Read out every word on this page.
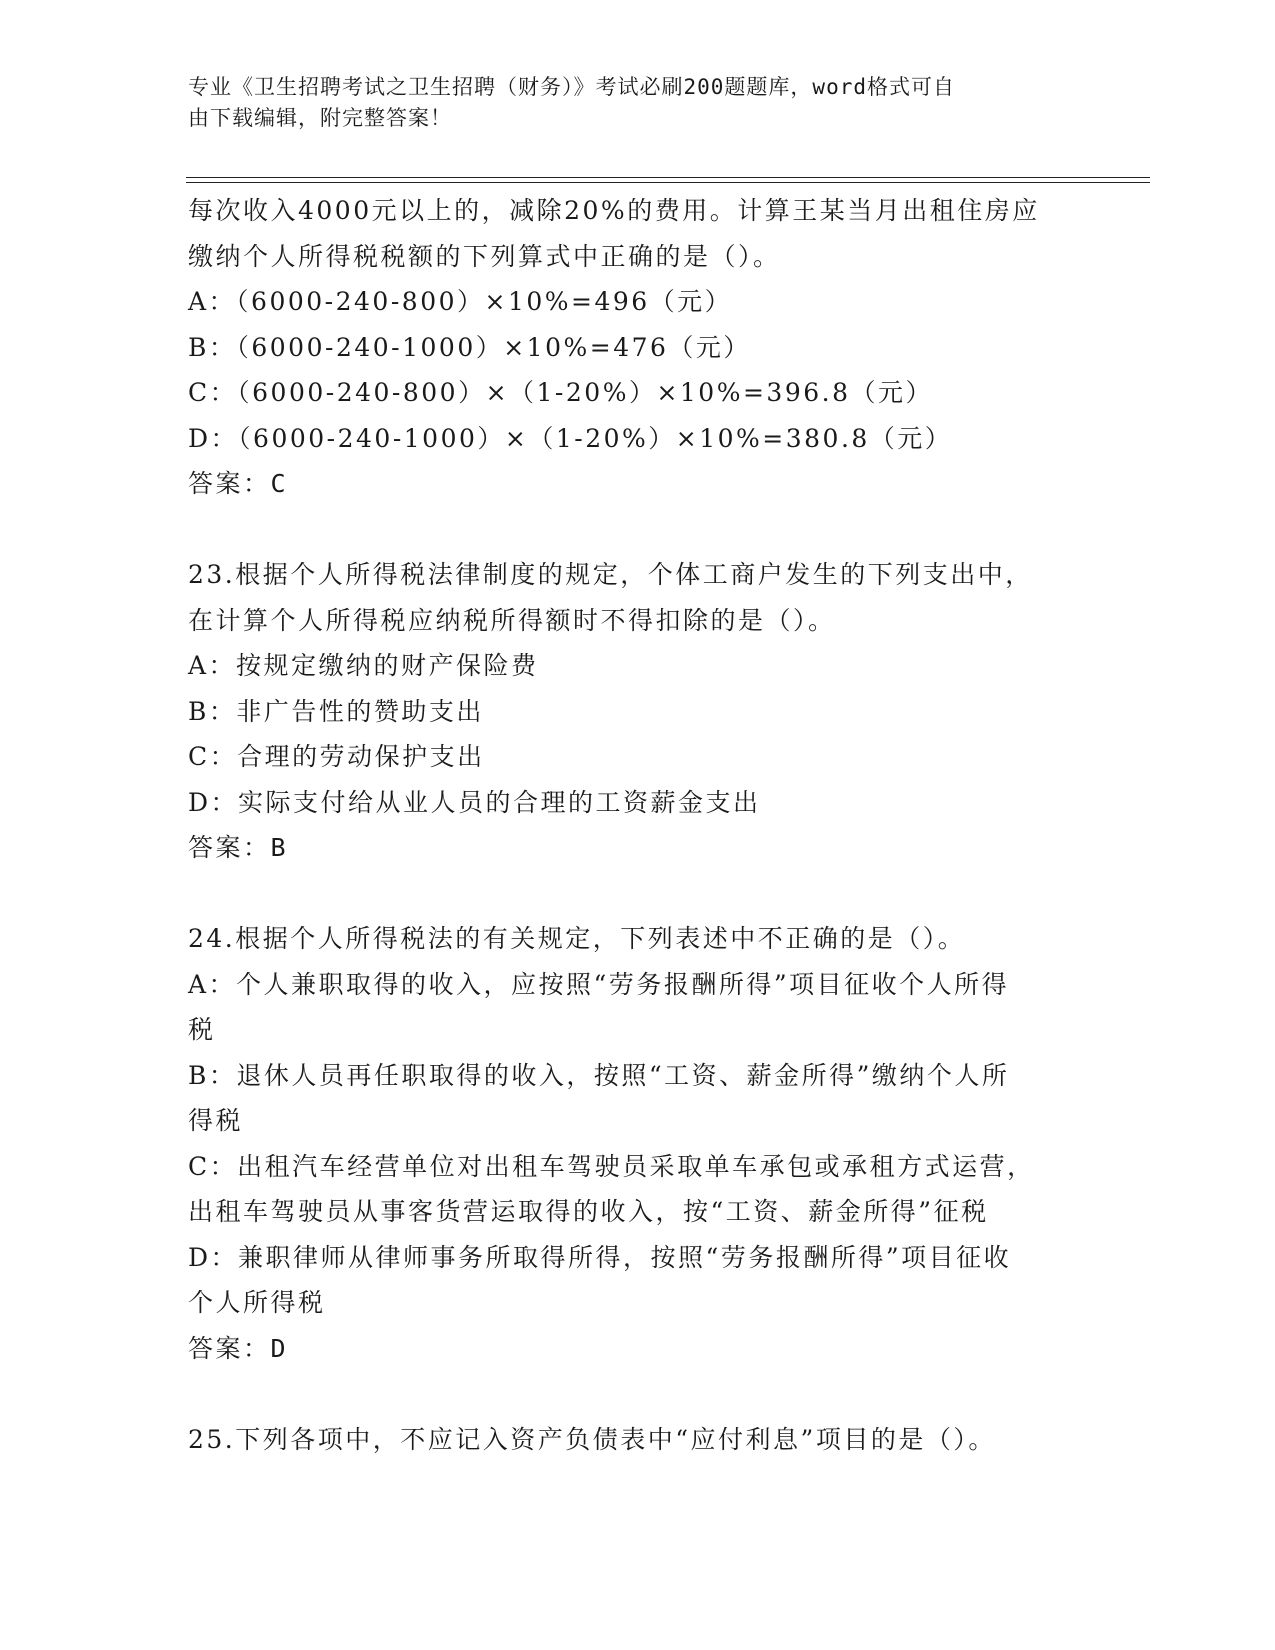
专业《卫生招聘考试之卫生招聘（财务）》考试必刷200题题库，word格式可自
由下载编辑，附完整答案！
每次收入4000元以上的，减除20%的费用。计算王某当月出租住房应
缴纳个人所得税税额的下列算式中正确的是（）。
A：（6000-240-800）×10%=496（元）
B：（6000-240-1000）×10%=476（元）
C：（6000-240-800）×（1-20%）×10%=396.8（元）
D：（6000-240-1000）×（1-20%）×10%=380.8（元）
答案：C
23.根据个人所得税法律制度的规定，个体工商户发生的下列支出中，
在计算个人所得税应纳税所得额时不得扣除的是（）。
A：按规定缴纳的财产保险费
B：非广告性的赞助支出
C：合理的劳动保护支出
D：实际支付给从业人员的合理的工资薪金支出
答案：B
24.根据个人所得税法的有关规定，下列表述中不正确的是（）。
A：个人兼职取得的收入，应按照“劳务报酬所得”项目征收个人所得
税
B：退休人员再任职取得的收入，按照“工资、薪金所得”缴纳个人所
得税
C：出租汽车经营单位对出租车驾驶员采取单车承包或承租方式运营，
出租车驾驶员从事客货营运取得的收入，按“工资、薪金所得”征税
D：兼职律师从律师事务所取得所得，按照“劳务报酬所得”项目征收
个人所得税
答案：D
25.下列各项中，不应记入资产负债表中“应付利息”项目的是（）。
